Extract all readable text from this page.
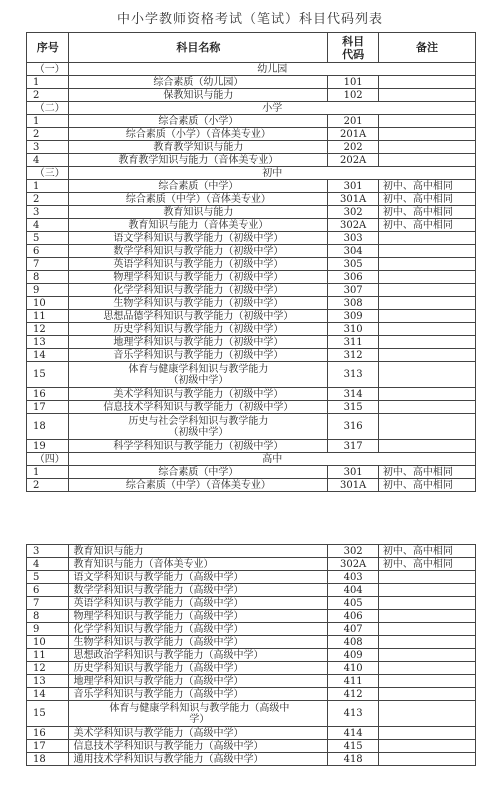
中小学教师资格考试（笔试）科目代码列表
序号	科目名称	科目代码	备注
（一）	幼儿园		
1	综合素质（幼儿园）	101	
2	保教知识与能力	102	
（二）	小学		
1	综合素质（小学）	201	
2	综合素质（小学）（音体美专业）	201A	
3	教育教学知识与能力	202	
4	教育教学知识与能力（音体美专业）	202A	
（三）	初中		
1	综合素质（中学）	301	初中、高中相同
2	综合素质（中学）（音体美专业）	301A	初中、高中相同
3	教育知识与能力	302	初中、高中相同
4	教育知识与能力（音体美专业）	302A	初中、高中相同
5	语文学科知识与教学能力（初级中学）	303	
6	数学学科知识与教学能力（初级中学）	304	
7	英语学科知识与教学能力（初级中学）	305	
8	物理学科知识与教学能力（初级中学）	306	
9	化学学科知识与教学能力（初级中学）	307	
10	生物学科知识与教学能力（初级中学）	308	
11	思想品德学科知识与教学能力（初级中学）	309	
12	历史学科知识与教学能力（初级中学）	310	
13	地理学科知识与教学能力（初级中学）	311	
14	音乐学科知识与教学能力（初级中学）	312	
15	体育与健康学科知识与教学能力
（初级中学）	313	
16	美术学科知识与教学能力（初级中学）	314	
17	信息技术学科知识与教学能力（初级中学）	315	
18	历史与社会学科知识与教学能力
（初级中学）	316	
19	科学学科知识与教学能力（初级中学）	317	
（四）	高中		
1	综合素质（中学）	301	初中、高中相同
2	综合素质（中学）（音体美专业）	301A	初中、高中相同
3	教育知识与能力	302	初中、高中相同
4	教育知识与能力（音体美专业）	302A	初中、高中相同
5	语文学科知识与教学能力（高级中学）	403	
6	数学学科知识与教学能力（高级中学）	404	
7	英语学科知识与教学能力（高级中学）	405	
8	物理学科知识与教学能力（高级中学）	406	
9	化学学科知识与教学能力（高级中学）	407	
10	生物学科知识与教学能力（高级中学）	408	
11	思想政治学科知识与教学能力（高级中学）	409	
12	历史学科知识与教学能力（高级中学）	410	
13	地理学科知识与教学能力（高级中学）	411	
14	音乐学科知识与教学能力（高级中学）	412	
15	体育与健康学科知识与教学能力（高级中
学）	413	
16	美术学科知识与教学能力（高级中学）	414	
17	信息技术学科知识与教学能力（高级中学）	415	
18	通用技术学科知识与教学能力（高级中学）	418	
